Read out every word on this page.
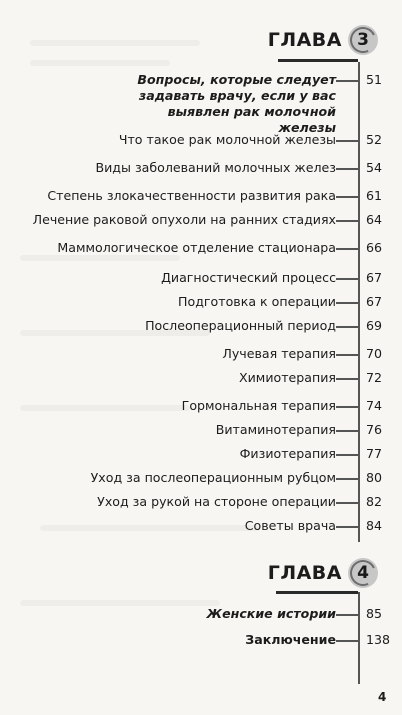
ГЛАВА 3
Вопросы, которые следует задавать врачу, если у вас выявлен рак молочной железы
51
Что такое рак молочной железы 52
Виды заболеваний молочных желез 54
Степень злокачественности развития рака 61
Лечение раковой опухоли на ранних стадиях 64
Маммологическое отделение стационара 66
Диагностический процесс 67
Подготовка к операции 67
Послеоперационный период 69
Лучевая терапия 70
Химиотерапия 72
Гормональная терапия 74
Витаминотерапия 76
Физиотерапия 77
Уход за послеоперационным рубцом 80
Уход за рукой на стороне операции 82
Советы врача 84
ГЛАВА 4
Женские истории 85
Заключение 138
4
